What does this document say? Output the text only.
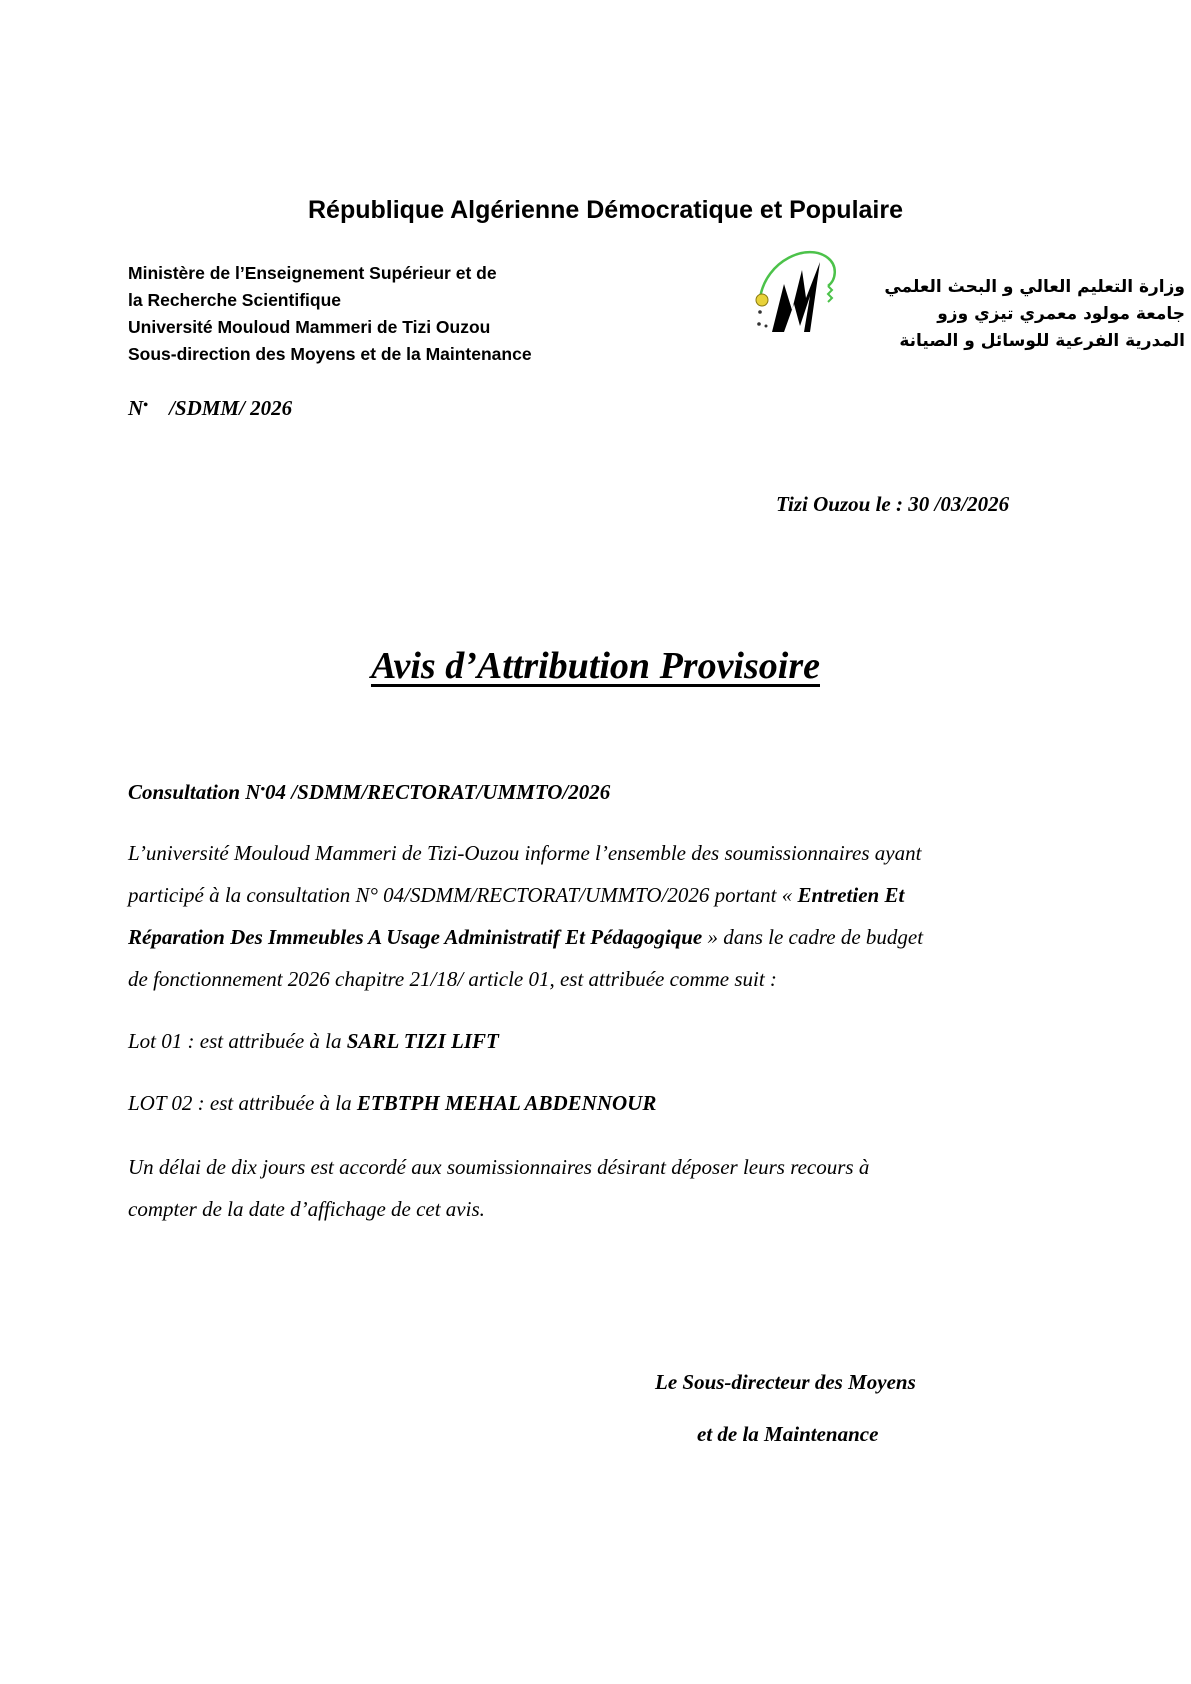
République Algérienne Démocratique et Populaire
Ministère de l’Enseignement Supérieur et de
la Recherche Scientifique
Université Mouloud Mammeri de Tizi Ouzou
Sous-direction des Moyens et de la Maintenance
وزارة التعليم العالي و البحث العلمي
جامعة مولود معمري تيزي وزو
المدرية الفرعية للوسائل و الصيانة
N•    /SDMM/ 2026
Tizi Ouzou le : 30 /03/2026
Avis d’Attribution Provisoire
Consultation N•04 /SDMM/RECTORAT/UMMTO/2026
L’université Mouloud Mammeri de Tizi-Ouzou informe l’ensemble des soumissionnaires ayant
participé à la consultation N° 04/SDMM/RECTORAT/UMMTO/2026 portant « Entretien Et
Réparation Des Immeubles A Usage Administratif Et Pédagogique » dans le cadre de budget
de fonctionnement 2026 chapitre 21/18/ article 01, est attribuée comme suit :
Lot 01 : est attribuée à la SARL TIZI LIFT
LOT 02 : est attribuée à la ETBTPH MEHAL ABDENNOUR
Un délai de dix jours est accordé aux soumissionnaires désirant déposer leurs recours à
compter de la date d’affichage de cet avis.
Le Sous-directeur des Moyens
et de la Maintenance
